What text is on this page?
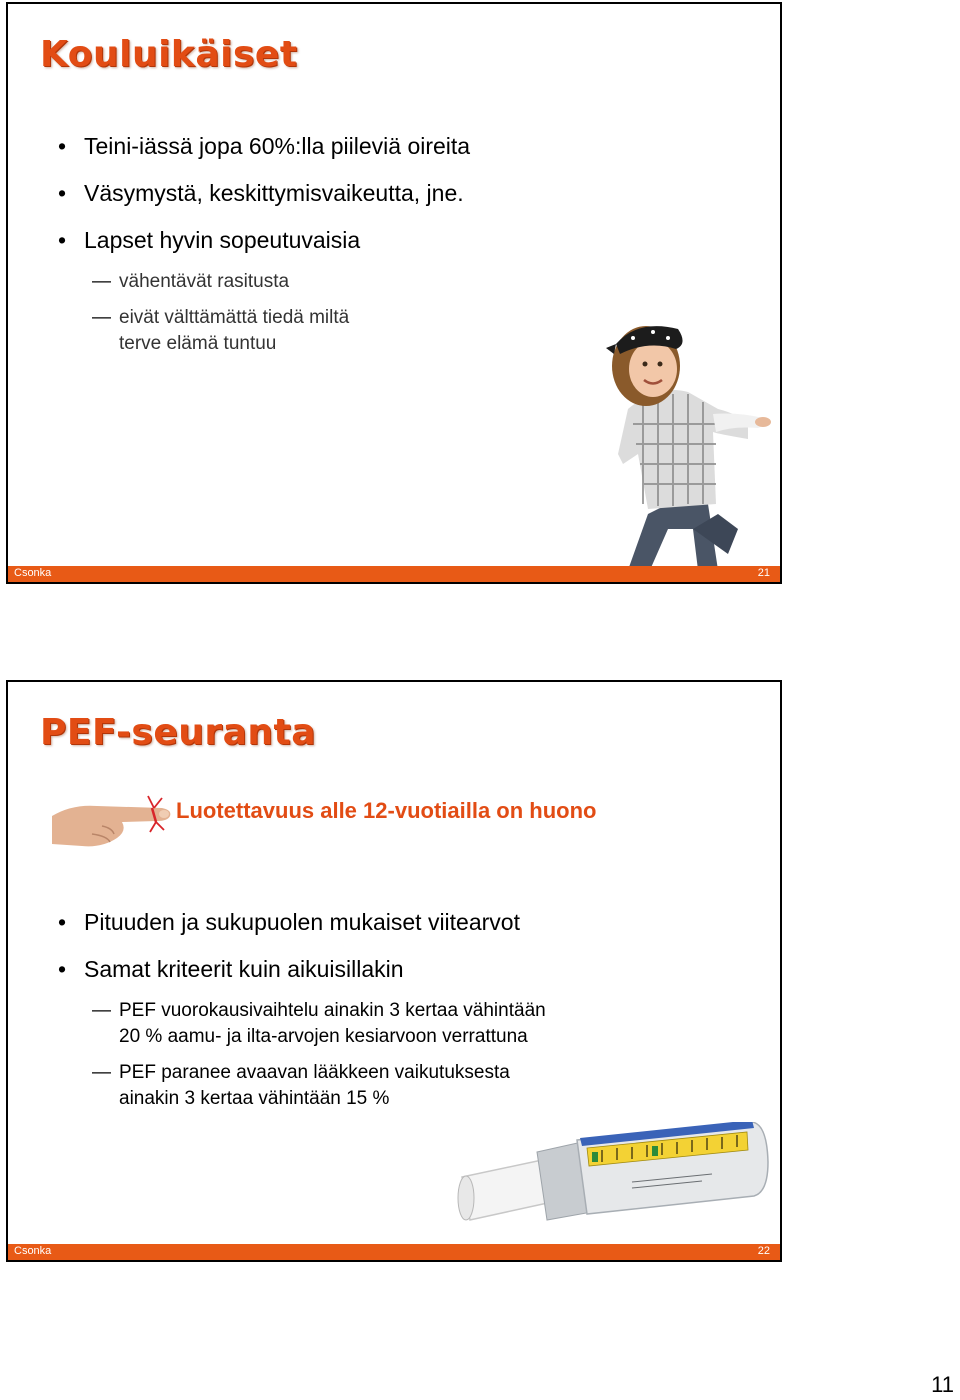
Kouluikäiset
• Teini-iässä jopa 60%:lla piileviä oireita
• Väsymystä, keskittymisvaikeutta, jne.
• Lapset hyvin sopeutuvaisia
— vähentävät rasitusta
— eivät välttämättä tiedä miltä
terve elämä tuntuu
Csonka	21
PEF-seuranta
Luotettavuus alle 12-vuotiailla on huono
• Pituuden ja sukupuolen mukaiset viitearvot
• Samat kriteerit kuin aikuisillakin
— PEF vuorokausivaihtelu ainakin 3 kertaa vähintään
20 % aamu- ja ilta-arvojen kesiarvoon verrattuna
— PEF paranee avaavan lääkkeen vaikutuksesta
ainakin 3 kertaa vähintään 15 %
Csonka	22
11
